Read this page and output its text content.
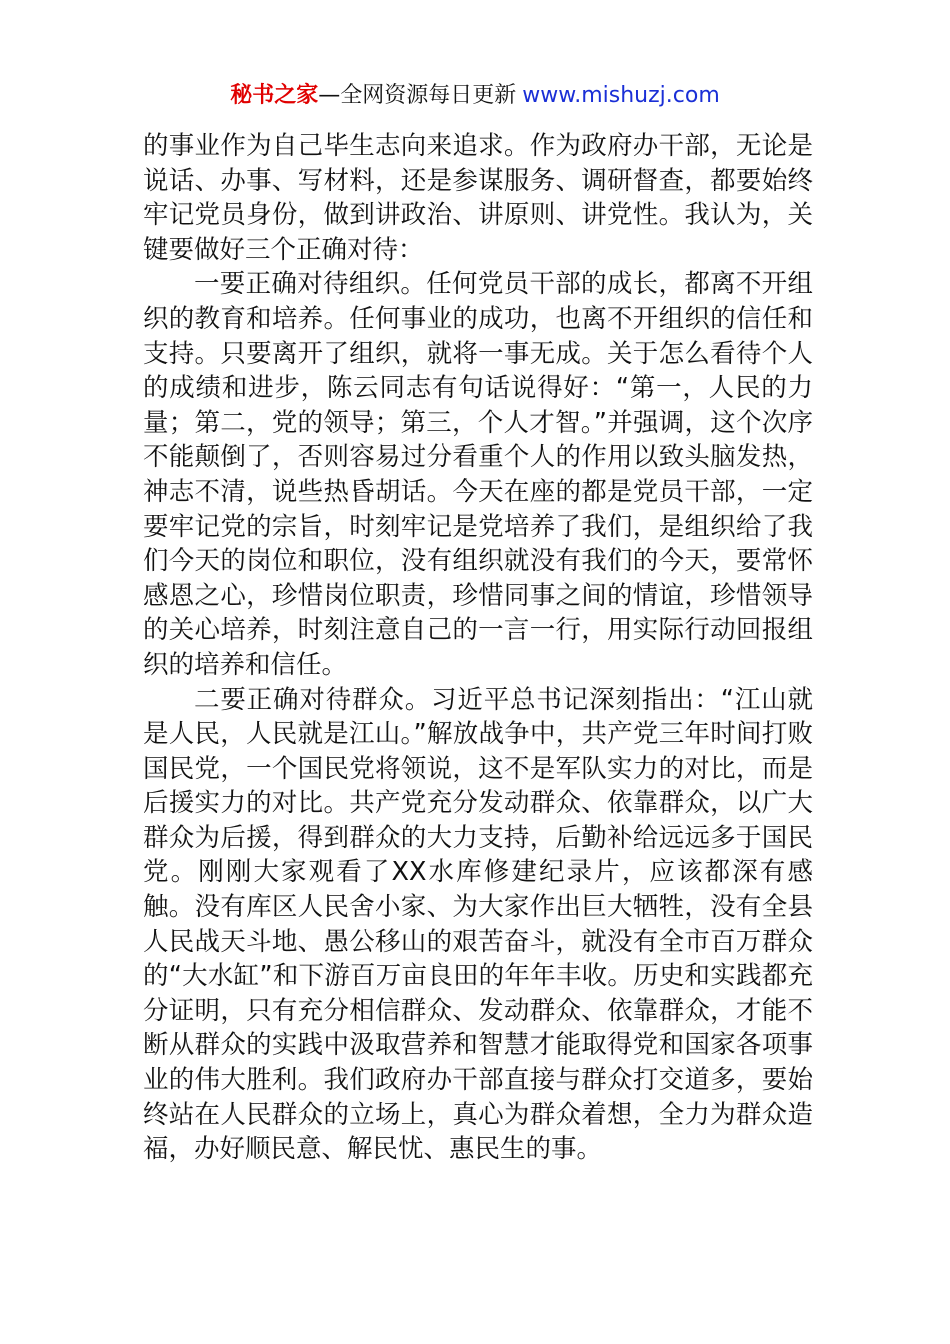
秘书之家—全网资源每日更新 www.mishuzj.com

的事业作为自己毕生志向来追求。作为政府办干部，无论是说话、办事、写材料，还是参谋服务、调研督查，都要始终牢记党员身份，做到讲政治、讲原则、讲党性。我认为，关键要做好三个正确对待：

一要正确对待组织。任何党员干部的成长，都离不开组织的教育和培养。任何事业的成功，也离不开组织的信任和支持。只要离开了组织，就将一事无成。关于怎么看待个人的成绩和进步，陈云同志有句话说得好：“第一，人民的力量；第二，党的领导；第三，个人才智。”并强调，这个次序不能颠倒了，否则容易过分看重个人的作用以致头脑发热，神志不清，说些热昏胡话。今天在座的都是党员干部，一定要牢记党的宗旨，时刻牢记是党培养了我们，是组织给了我们今天的岗位和职位，没有组织就没有我们的今天，要常怀感恩之心，珍惜岗位职责，珍惜同事之间的情谊，珍惜领导的关心培养，时刻注意自己的一言一行，用实际行动回报组织的培养和信任。

二要正确对待群众。习近平总书记深刻指出：“江山就是人民，人民就是江山。”解放战争中，共产党三年时间打败国民党，一个国民党将领说，这不是军队实力的对比，而是后援实力的对比。共产党充分发动群众、依靠群众，以广大群众为后援，得到群众的大力支持，后勤补给远远多于国民党。刚刚大家观看了XX水库修建纪录片，应该都深有感触。没有库区人民舍小家、为大家作出巨大牺牲，没有全县人民战天斗地、愚公移山的艰苦奋斗，就没有全市百万群众的“大水缸”和下游百万亩良田的年年丰收。历史和实践都充分证明，只有充分相信群众、发动群众、依靠群众，才能不断从群众的实践中汲取营养和智慧才能取得党和国家各项事业的伟大胜利。我们政府办干部直接与群众打交道多，要始终站在人民群众的立场上，真心为群众着想，全力为群众造福，办好顺民意、解民忧、惠民生的事。
